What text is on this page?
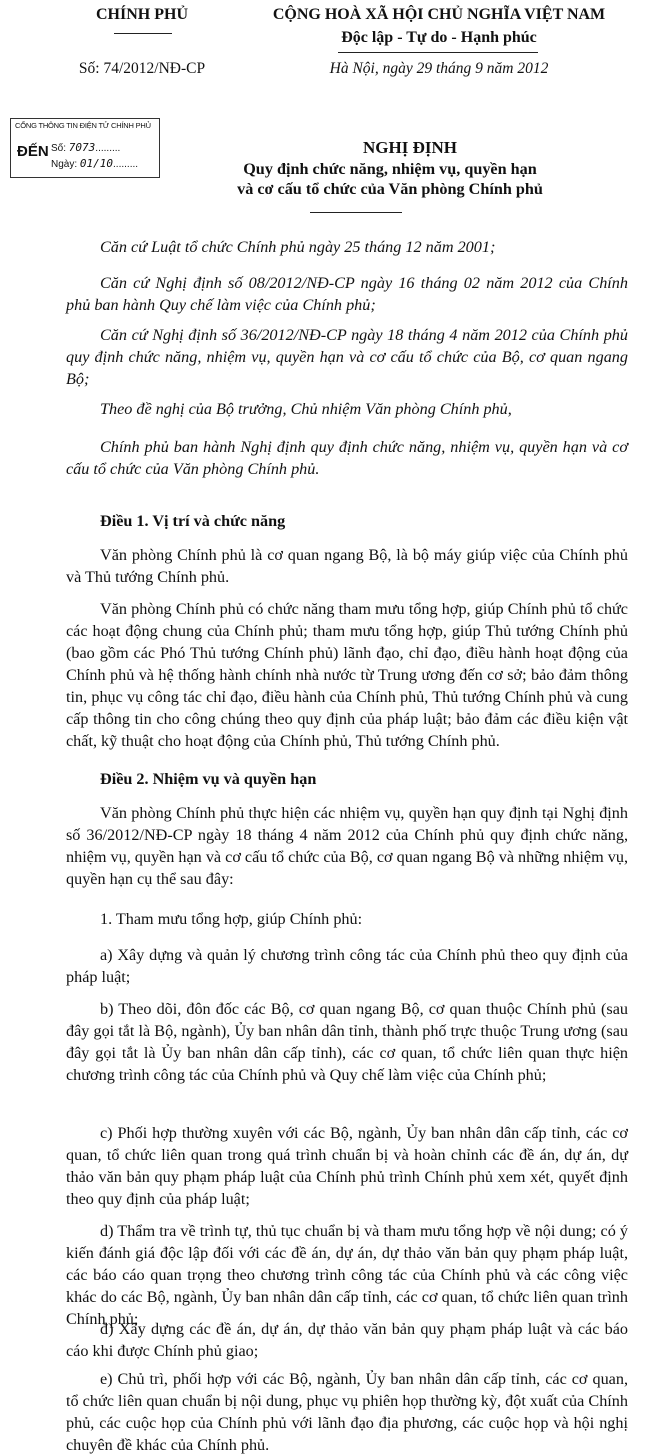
CHÍNH PHỦ
Số: 74/2012/NĐ-CP
CỘNG HOÀ XÃ HỘI CHỦ NGHĨA VIỆT NAM
Độc lập - Tự do - Hạnh phúc
Hà Nội, ngày 29 tháng 9 năm 2012
CỔNG THÔNG TIN ĐIỆN TỬ CHÍNH PHỦ
ĐẾN Số: 7073.........
Ngày: 01/10.........
NGHỊ ĐỊNH
Quy định chức năng, nhiệm vụ, quyền hạn
và cơ cấu tổ chức của Văn phòng Chính phủ
Căn cứ Luật tổ chức Chính phủ ngày 25 tháng 12 năm 2001;
Căn cứ Nghị định số 08/2012/NĐ-CP ngày 16 tháng 02 năm 2012 của Chính phủ ban hành Quy chế làm việc của Chính phủ;
Căn cứ Nghị định số 36/2012/NĐ-CP ngày 18 tháng 4 năm 2012 của Chính phủ quy định chức năng, nhiệm vụ, quyền hạn và cơ cấu tổ chức của Bộ, cơ quan ngang Bộ;
Theo đề nghị của Bộ trưởng, Chủ nhiệm Văn phòng Chính phủ,
Chính phủ ban hành Nghị định quy định chức năng, nhiệm vụ, quyền hạn và cơ cấu tổ chức của Văn phòng Chính phủ.
Điều 1. Vị trí và chức năng
Văn phòng Chính phủ là cơ quan ngang Bộ, là bộ máy giúp việc của Chính phủ và Thủ tướng Chính phủ.
Văn phòng Chính phủ có chức năng tham mưu tổng hợp, giúp Chính phủ tổ chức các hoạt động chung của Chính phủ; tham mưu tổng hợp, giúp Thủ tướng Chính phủ (bao gồm các Phó Thủ tướng Chính phủ) lãnh đạo, chỉ đạo, điều hành hoạt động của Chính phủ và hệ thống hành chính nhà nước từ Trung ương đến cơ sở; bảo đảm thông tin, phục vụ công tác chỉ đạo, điều hành của Chính phủ, Thủ tướng Chính phủ và cung cấp thông tin cho công chúng theo quy định của pháp luật; bảo đảm các điều kiện vật chất, kỹ thuật cho hoạt động của Chính phủ, Thủ tướng Chính phủ.
Điều 2. Nhiệm vụ và quyền hạn
Văn phòng Chính phủ thực hiện các nhiệm vụ, quyền hạn quy định tại Nghị định số 36/2012/NĐ-CP ngày 18 tháng 4 năm 2012 của Chính phủ quy định chức năng, nhiệm vụ, quyền hạn và cơ cấu tổ chức của Bộ, cơ quan ngang Bộ và những nhiệm vụ, quyền hạn cụ thể sau đây:
1. Tham mưu tổng hợp, giúp Chính phủ:
a) Xây dựng và quản lý chương trình công tác của Chính phủ theo quy định của pháp luật;
b) Theo dõi, đôn đốc các Bộ, cơ quan ngang Bộ, cơ quan thuộc Chính phủ (sau đây gọi tắt là Bộ, ngành), Ủy ban nhân dân tỉnh, thành phố trực thuộc Trung ương (sau đây gọi tắt là Ủy ban nhân dân cấp tỉnh), các cơ quan, tổ chức liên quan thực hiện chương trình công tác của Chính phủ và Quy chế làm việc của Chính phủ;
c) Phối hợp thường xuyên với các Bộ, ngành, Ủy ban nhân dân cấp tỉnh, các cơ quan, tổ chức liên quan trong quá trình chuẩn bị và hoàn chỉnh các đề án, dự án, dự thảo văn bản quy phạm pháp luật của Chính phủ trình Chính phủ xem xét, quyết định theo quy định của pháp luật;
d) Thẩm tra về trình tự, thủ tục chuẩn bị và tham mưu tổng hợp về nội dung; có ý kiến đánh giá độc lập đối với các đề án, dự án, dự thảo văn bản quy phạm pháp luật, các báo cáo quan trọng theo chương trình công tác của Chính phủ và các công việc khác do các Bộ, ngành, Ủy ban nhân dân cấp tỉnh, các cơ quan, tổ chức liên quan trình Chính phủ;
đ) Xây dựng các đề án, dự án, dự thảo văn bản quy phạm pháp luật và các báo cáo khi được Chính phủ giao;
e) Chủ trì, phối hợp với các Bộ, ngành, Ủy ban nhân dân cấp tỉnh, các cơ quan, tổ chức liên quan chuẩn bị nội dung, phục vụ phiên họp thường kỳ, đột xuất của Chính phủ, các cuộc họp của Chính phủ với lãnh đạo địa phương, các cuộc họp và hội nghị chuyên đề khác của Chính phủ.
